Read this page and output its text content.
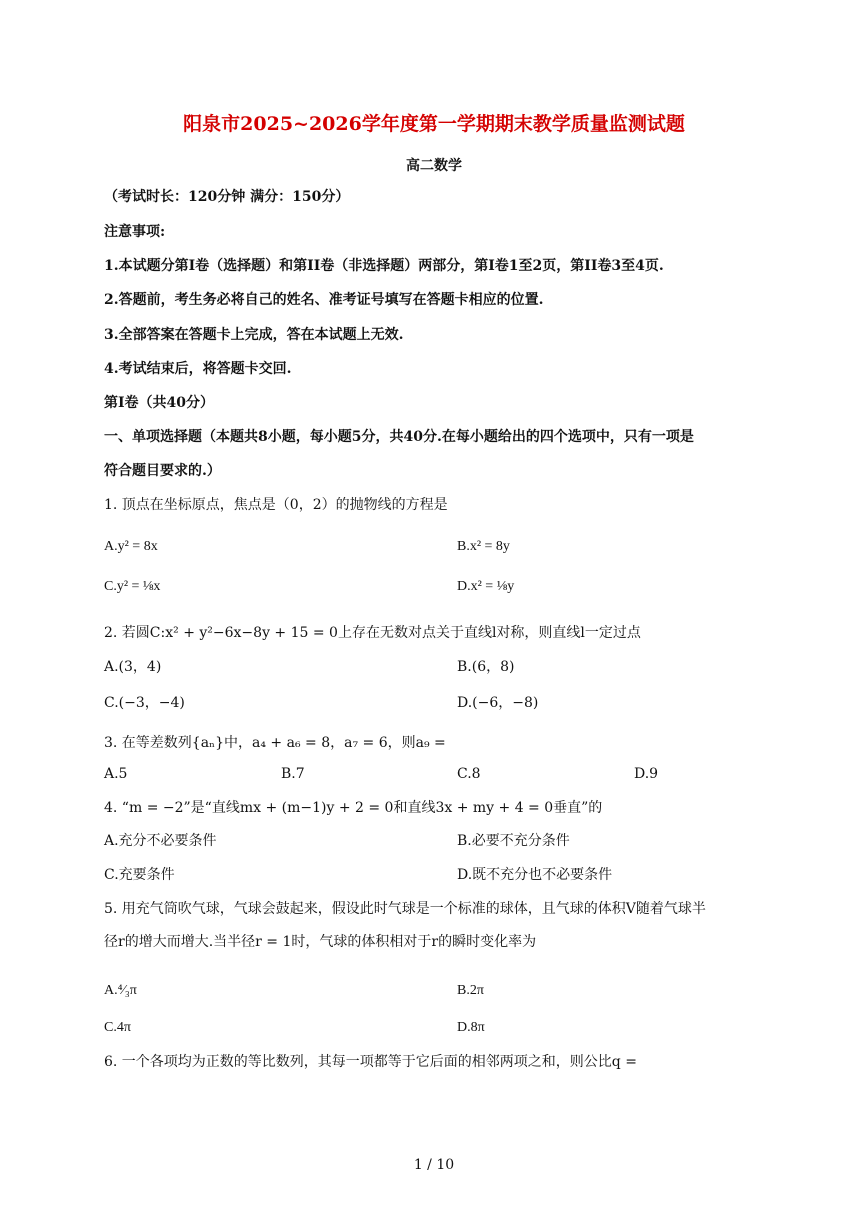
阳泉市2025~2026学年度第一学期期末教学质量监测试题
高二数学
（考试时长：120分钟 满分：150分）
注意事项:
1.本试题分第I卷（选择题）和第II卷（非选择题）两部分，第I卷1至2页，第II卷3至4页.
2.答题前，考生务必将自己的姓名、准考证号填写在答题卡相应的位置.
3.全部答案在答题卡上完成，答在本试题上无效.
4.考试结束后，将答题卡交回.
第I卷（共40分）
一、单项选择题（本题共8小题，每小题5分，共40分.在每小题给出的四个选项中，只有一项是
符合题目要求的.）
1. 顶点在坐标原点，焦点是（0，2）的抛物线的方程是
A.y² = 8x	B.x² = 8y
C.y² = ⅛x	D.x² = ⅛y
2. 若圆C:x² + y²−6x−8y + 15 = 0上存在无数对点关于直线l对称，则直线l一定过点
A.(3，4)	B.(6，8)
C.(−3，−4)	D.(−6，−8)
3. 在等差数列{aₙ}中，a₄ + a₆ = 8，a₇ = 6，则a₉ =
A.5	B.7	C.8	D.9
4. “m = −2”是“直线mx + (m−1)y + 2 = 0和直线3x + my + 4 = 0垂直”的
A.充分不必要条件	B.必要不充分条件
C.充要条件	D.既不充分也不必要条件
5. 用充气筒吹气球，气球会鼓起来，假设此时气球是一个标准的球体，且气球的体积V随着气球半
径r的增大而增大.当半径r = 1时，气球的体积相对于r的瞬时变化率为
A.⁴⁄₃π	B.2π
C.4π	D.8π
6. 一个各项均为正数的等比数列，其每一项都等于它后面的相邻两项之和，则公比q =
1 / 10
